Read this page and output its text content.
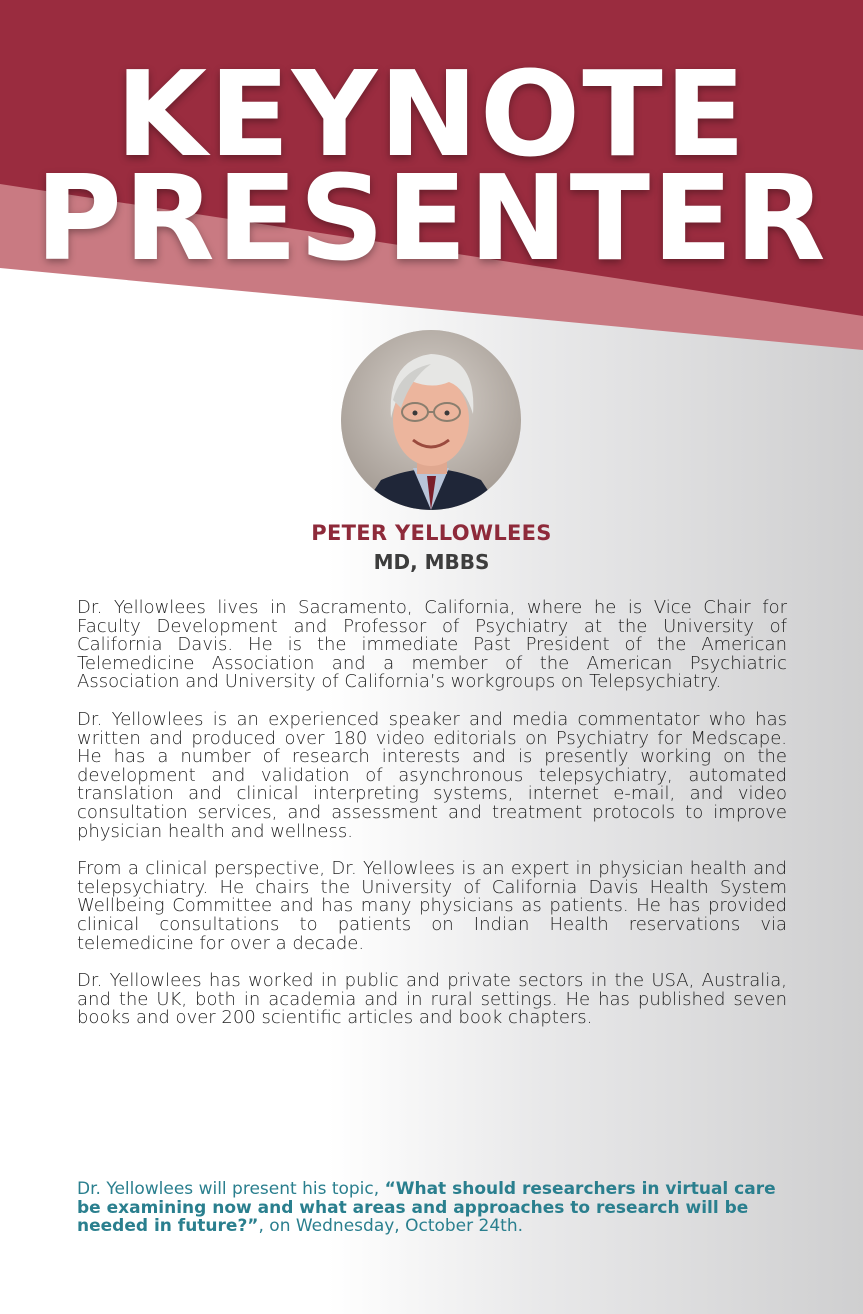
KEYNOTE
PRESENTER
PETER YELLOWLEES
MD, MBBS

Dr. Yellowlees lives in Sacramento, California, where he is Vice Chair for Faculty Development and Professor of Psychiatry at the University of California Davis. He is the immediate Past President of the American Telemedicine Association and a member of the American Psychiatric Association and University of California’s workgroups on Telepsychiatry.

Dr. Yellowlees is an experienced speaker and media commentator who has written and produced over 180 video editorials on Psychiatry for Medscape. He has a number of research interests and is presently working on the development and validation of asynchronous telepsychiatry, automated translation and clinical interpreting systems, internet e-mail, and video consultation services, and assessment and treatment protocols to improve physician health and wellness.

From a clinical perspective, Dr. Yellowlees is an expert in physician health and telepsychiatry. He chairs the University of California Davis Health System Wellbeing Committee and has many physicians as patients. He has provided clinical consultations to patients on Indian Health reservations via telemedicine for over a decade.

Dr. Yellowlees has worked in public and private sectors in the USA, Australia, and the UK, both in academia and in rural settings. He has published seven books and over 200 scientific articles and book chapters.

Dr. Yellowlees will present his topic, “What should researchers in virtual care be examining now and what areas and approaches to research will be needed in future?”, on Wednesday, October 24th.
